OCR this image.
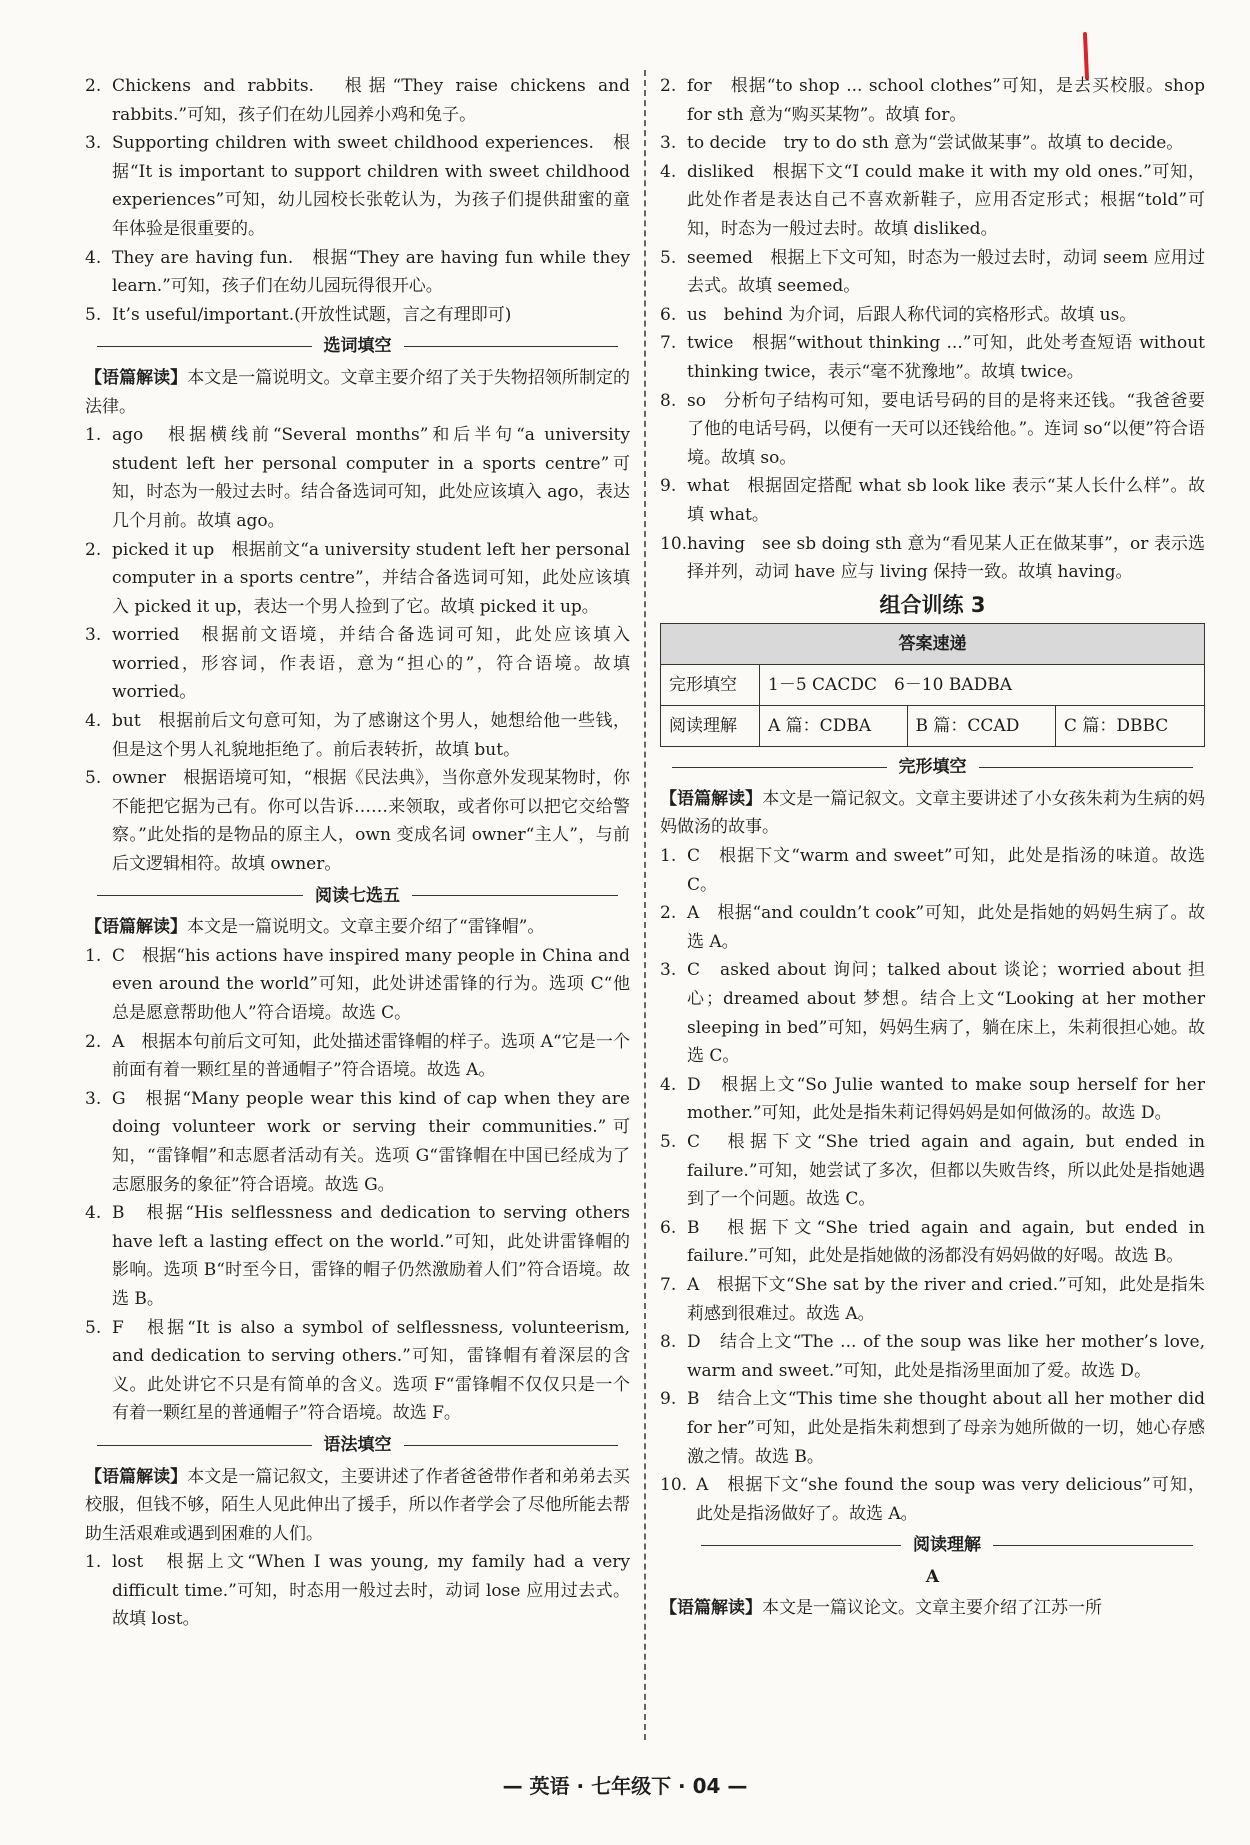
2. Chickens and rabbits.　根据“They raise chickens and rabbits.”可知，孩子们在幼儿园养小鸡和兔子。
3. Supporting children with sweet childhood experiences.　根据“It is important to support children with sweet childhood experiences”可知，幼儿园校长张乾认为，为孩子们提供甜蜜的童年体验是很重要的。
4. They are having fun.　根据“They are having fun while they learn.”可知，孩子们在幼儿园玩得很开心。
5. It’s useful/important.(开放性试题，言之有理即可)
选词填空
【语篇解读】本文是一篇说明文。文章主要介绍了关于失物招领所制定的法律。
1. ago　根据横线前“Several months”和后半句“a university student left her personal computer in a sports centre”可知，时态为一般过去时。结合备选词可知，此处应该填入 ago，表达几个月前。故填 ago。
2. picked it up　根据前文“a university student left her personal computer in a sports centre”，并结合备选词可知，此处应该填入 picked it up，表达一个男人捡到了它。故填 picked it up。
3. worried　根据前文语境，并结合备选词可知，此处应该填入 worried，形容词，作表语，意为“担心的”，符合语境。故填 worried。
4. but　根据前后文句意可知，为了感谢这个男人，她想给他一些钱，但是这个男人礼貌地拒绝了。前后表转折，故填 but。
5. owner　根据语境可知，“根据《民法典》，当你意外发现某物时，你不能把它据为己有。你可以告诉……来领取，或者你可以把它交给警察。”此处指的是物品的原主人，own 变成名词 owner“主人”，与前后文逻辑相符。故填 owner。
阅读七选五
【语篇解读】本文是一篇说明文。文章主要介绍了“雷锋帽”。
1. C　根据“his actions have inspired many people in China and even around the world”可知，此处讲述雷锋的行为。选项 C“他总是愿意帮助他人”符合语境。故选 C。
2. A　根据本句前后文可知，此处描述雷锋帽的样子。选项 A“它是一个前面有着一颗红星的普通帽子”符合语境。故选 A。
3. G　根据“Many people wear this kind of cap when they are doing volunteer work or serving their communities.”可知，“雷锋帽”和志愿者活动有关。选项 G“雷锋帽在中国已经成为了志愿服务的象征”符合语境。故选 G。
4. B　根据“His selflessness and dedication to serving others have left a lasting effect on the world.”可知，此处讲雷锋帽的影响。选项 B“时至今日，雷锋的帽子仍然激励着人们”符合语境。故选 B。
5. F　根据“It is also a symbol of selflessness, volunteerism, and dedication to serving others.”可知，雷锋帽有着深层的含义。此处讲它不只是有简单的含义。选项 F“雷锋帽不仅仅只是一个有着一颗红星的普通帽子”符合语境。故选 F。
语法填空
【语篇解读】本文是一篇记叙文，主要讲述了作者爸爸带作者和弟弟去买校服，但钱不够，陌生人见此伸出了援手，所以作者学会了尽他所能去帮助生活艰难或遇到困难的人们。
1. lost　根据上文“When I was young, my family had a very difficult time.”可知，时态用一般过去时，动词 lose 应用过去式。故填 lost。
2. for　根据“to shop ... school clothes”可知，是去买校服。shop for sth 意为“购买某物”。故填 for。
3. to decide　try to do sth 意为“尝试做某事”。故填 to decide。
4. disliked　根据下文“I could make it with my old ones.”可知，此处作者是表达自己不喜欢新鞋子，应用否定形式；根据“told”可知，时态为一般过去时。故填 disliked。
5. seemed　根据上下文可知，时态为一般过去时，动词 seem 应用过去式。故填 seemed。
6. us　behind 为介词，后跟人称代词的宾格形式。故填 us。
7. twice　根据“without thinking ...”可知，此处考查短语 without thinking twice，表示“毫不犹豫地”。故填 twice。
8. so　分析句子结构可知，要电话号码的目的是将来还钱。“我爸爸要了他的电话号码，以便有一天可以还钱给他。”。连词 so“以便”符合语境。故填 so。
9. what　根据固定搭配 what sb look like 表示“某人长什么样”。故填 what。
10. having　see sb doing sth 意为“看见某人正在做某事”，or 表示选择并列，动词 have 应与 living 保持一致。故填 having。
组合训练 3
答案速递			
完形填空	1－5 CACDC　6－10 BADBA		
阅读理解	A 篇：CDBA	B 篇：CCAD	C 篇：DBBC
完形填空
【语篇解读】本文是一篇记叙文。文章主要讲述了小女孩朱莉为生病的妈妈做汤的故事。
1. C　根据下文“warm and sweet”可知，此处是指汤的味道。故选 C。
2. A　根据“and couldn’t cook”可知，此处是指她的妈妈生病了。故选 A。
3. C　asked about 询问；talked about 谈论；worried about 担心；dreamed about 梦想。结合上文“Looking at her mother sleeping in bed”可知，妈妈生病了，躺在床上，朱莉很担心她。故选 C。
4. D　根据上文“So Julie wanted to make soup herself for her mother.”可知，此处是指朱莉记得妈妈是如何做汤的。故选 D。
5. C　根据下文“She tried again and again, but ended in failure.”可知，她尝试了多次，但都以失败告终，所以此处是指她遇到了一个问题。故选 C。
6. B　根据下文“She tried again and again, but ended in failure.”可知，此处是指她做的汤都没有妈妈做的好喝。故选 B。
7. A　根据下文“She sat by the river and cried.”可知，此处是指朱莉感到很难过。故选 A。
8. D　结合上文“The ... of the soup was like her mother’s love, warm and sweet.”可知，此处是指汤里面加了爱。故选 D。
9. B　结合上文“This time she thought about all her mother did for her”可知，此处是指朱莉想到了母亲为她所做的一切，她心存感激之情。故选 B。
10. A　根据下文“she found the soup was very delicious”可知，此处是指汤做好了。故选 A。
阅读理解
A
【语篇解读】本文是一篇议论文。文章主要介绍了江苏一所
— 英语 · 七年级下 · 04 —
